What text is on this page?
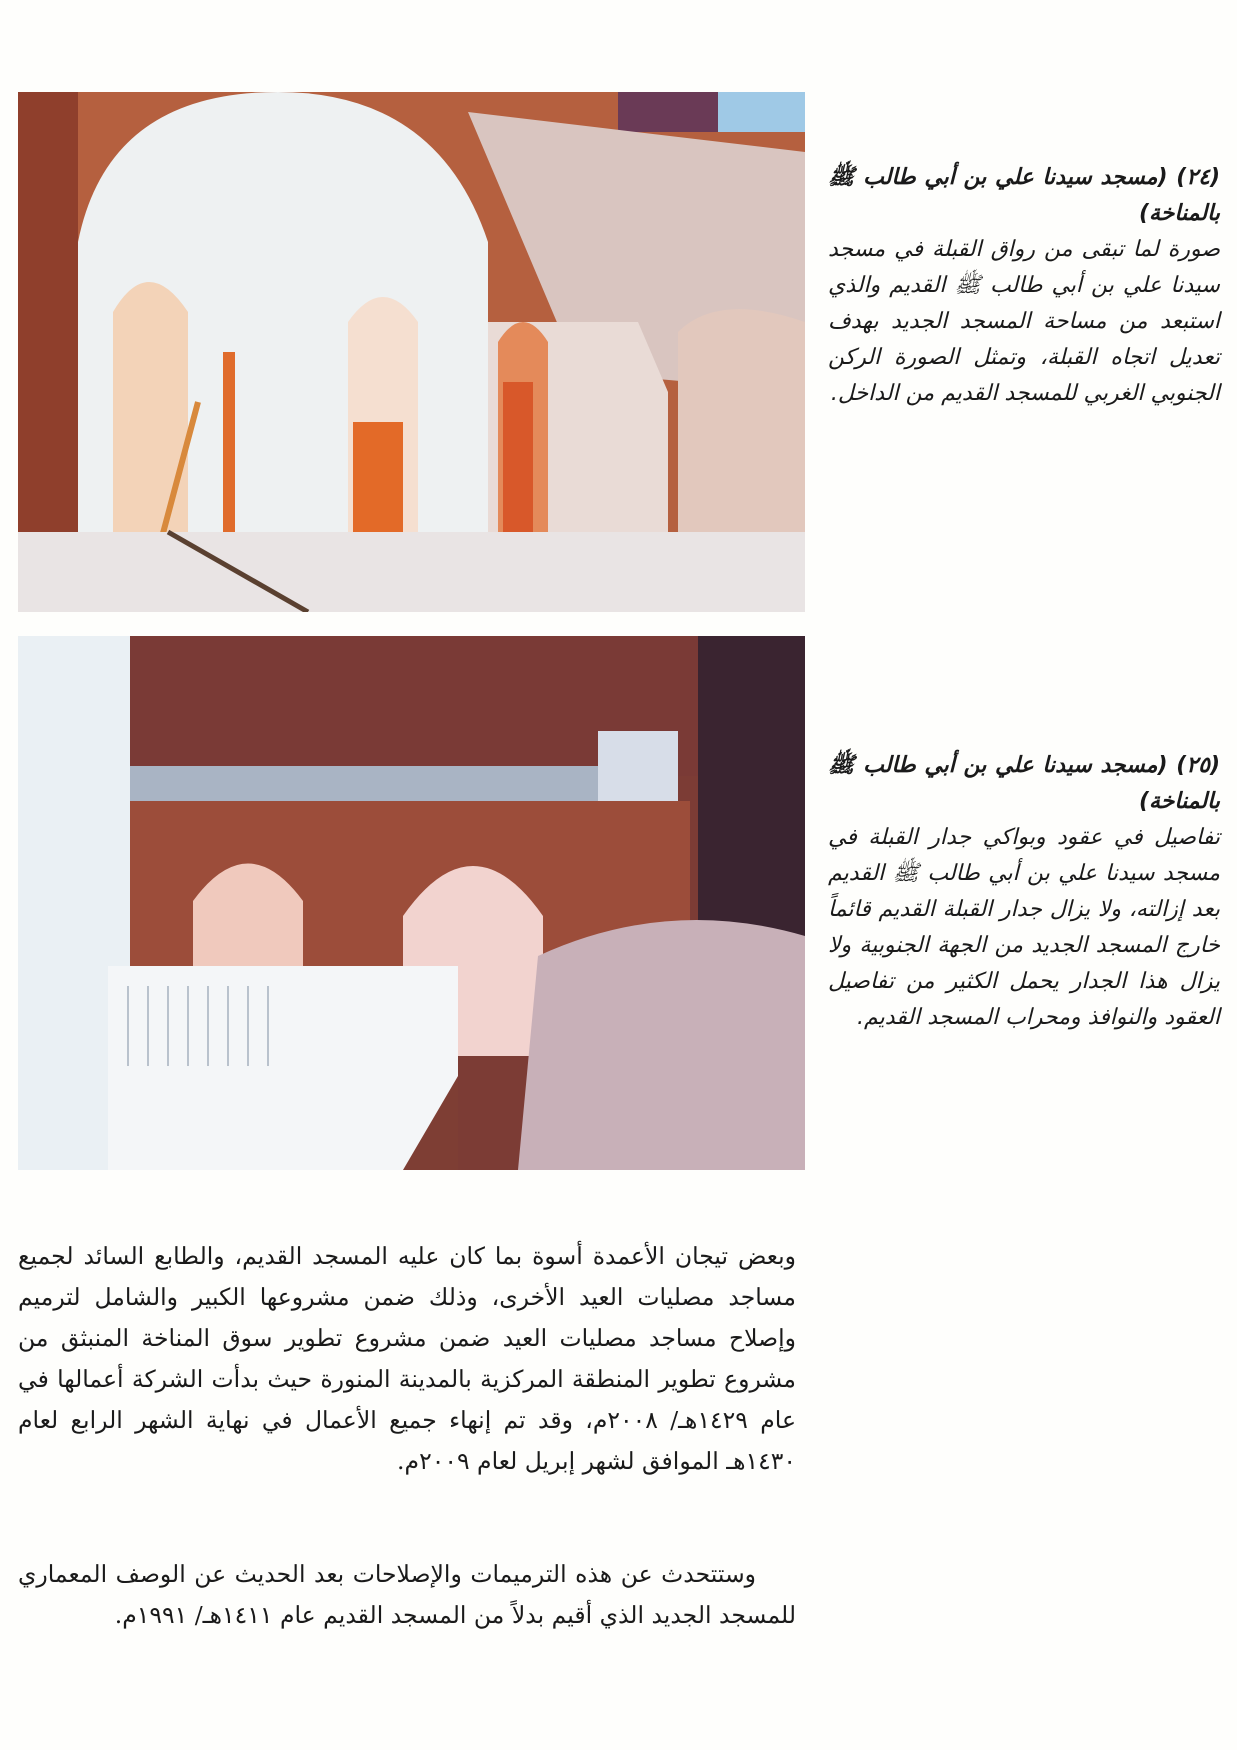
(٢٤) (مسجد سيدنا علي بن أبي طالب ﷺ بالمناخة)
صورة لما تبقى من رواق القبلة في مسجد سيدنا علي بن أبي طالب ﷺ القديم والذي استبعد من مساحة المسجد الجديد بهدف تعديل اتجاه القبلة، وتمثل الصورة الركن الجنوبي الغربي للمسجد القديم من الداخل.
(٢٥) (مسجد سيدنا علي بن أبي طالب ﷺ بالمناخة)
تفاصيل في عقود وبواكي جدار القبلة في مسجد سيدنا علي بن أبي طالب ﷺ القديم بعد إزالته، ولا يزال جدار القبلة القديم قائماً خارج المسجد الجديد من الجهة الجنوبية ولا يزال هذا الجدار يحمل الكثير من تفاصيل العقود والنوافذ ومحراب المسجد القديم.

وبعض تيجان الأعمدة أسوة بما كان عليه المسجد القديم، والطابع السائد لجميع مساجد مصليات العيد الأخرى، وذلك ضمن مشروعها الكبير والشامل لترميم وإصلاح مساجد مصليات العيد ضمن مشروع تطوير سوق المناخة المنبثق من مشروع تطوير المنطقة المركزية بالمدينة المنورة حيث بدأت الشركة أعمالها في عام ١٤٢٩هـ/ ٢٠٠٨م، وقد تم إنهاء جميع الأعمال في نهاية الشهر الرابع لعام ١٤٣٠هـ الموافق لشهر إبريل لعام ٢٠٠٩م.

وستتحدث عن هذه الترميمات والإصلاحات بعد الحديث عن الوصف المعماري للمسجد الجديد الذي أقيم بدلاً من المسجد القديم عام ١٤١١هـ/ ١٩٩١م.
